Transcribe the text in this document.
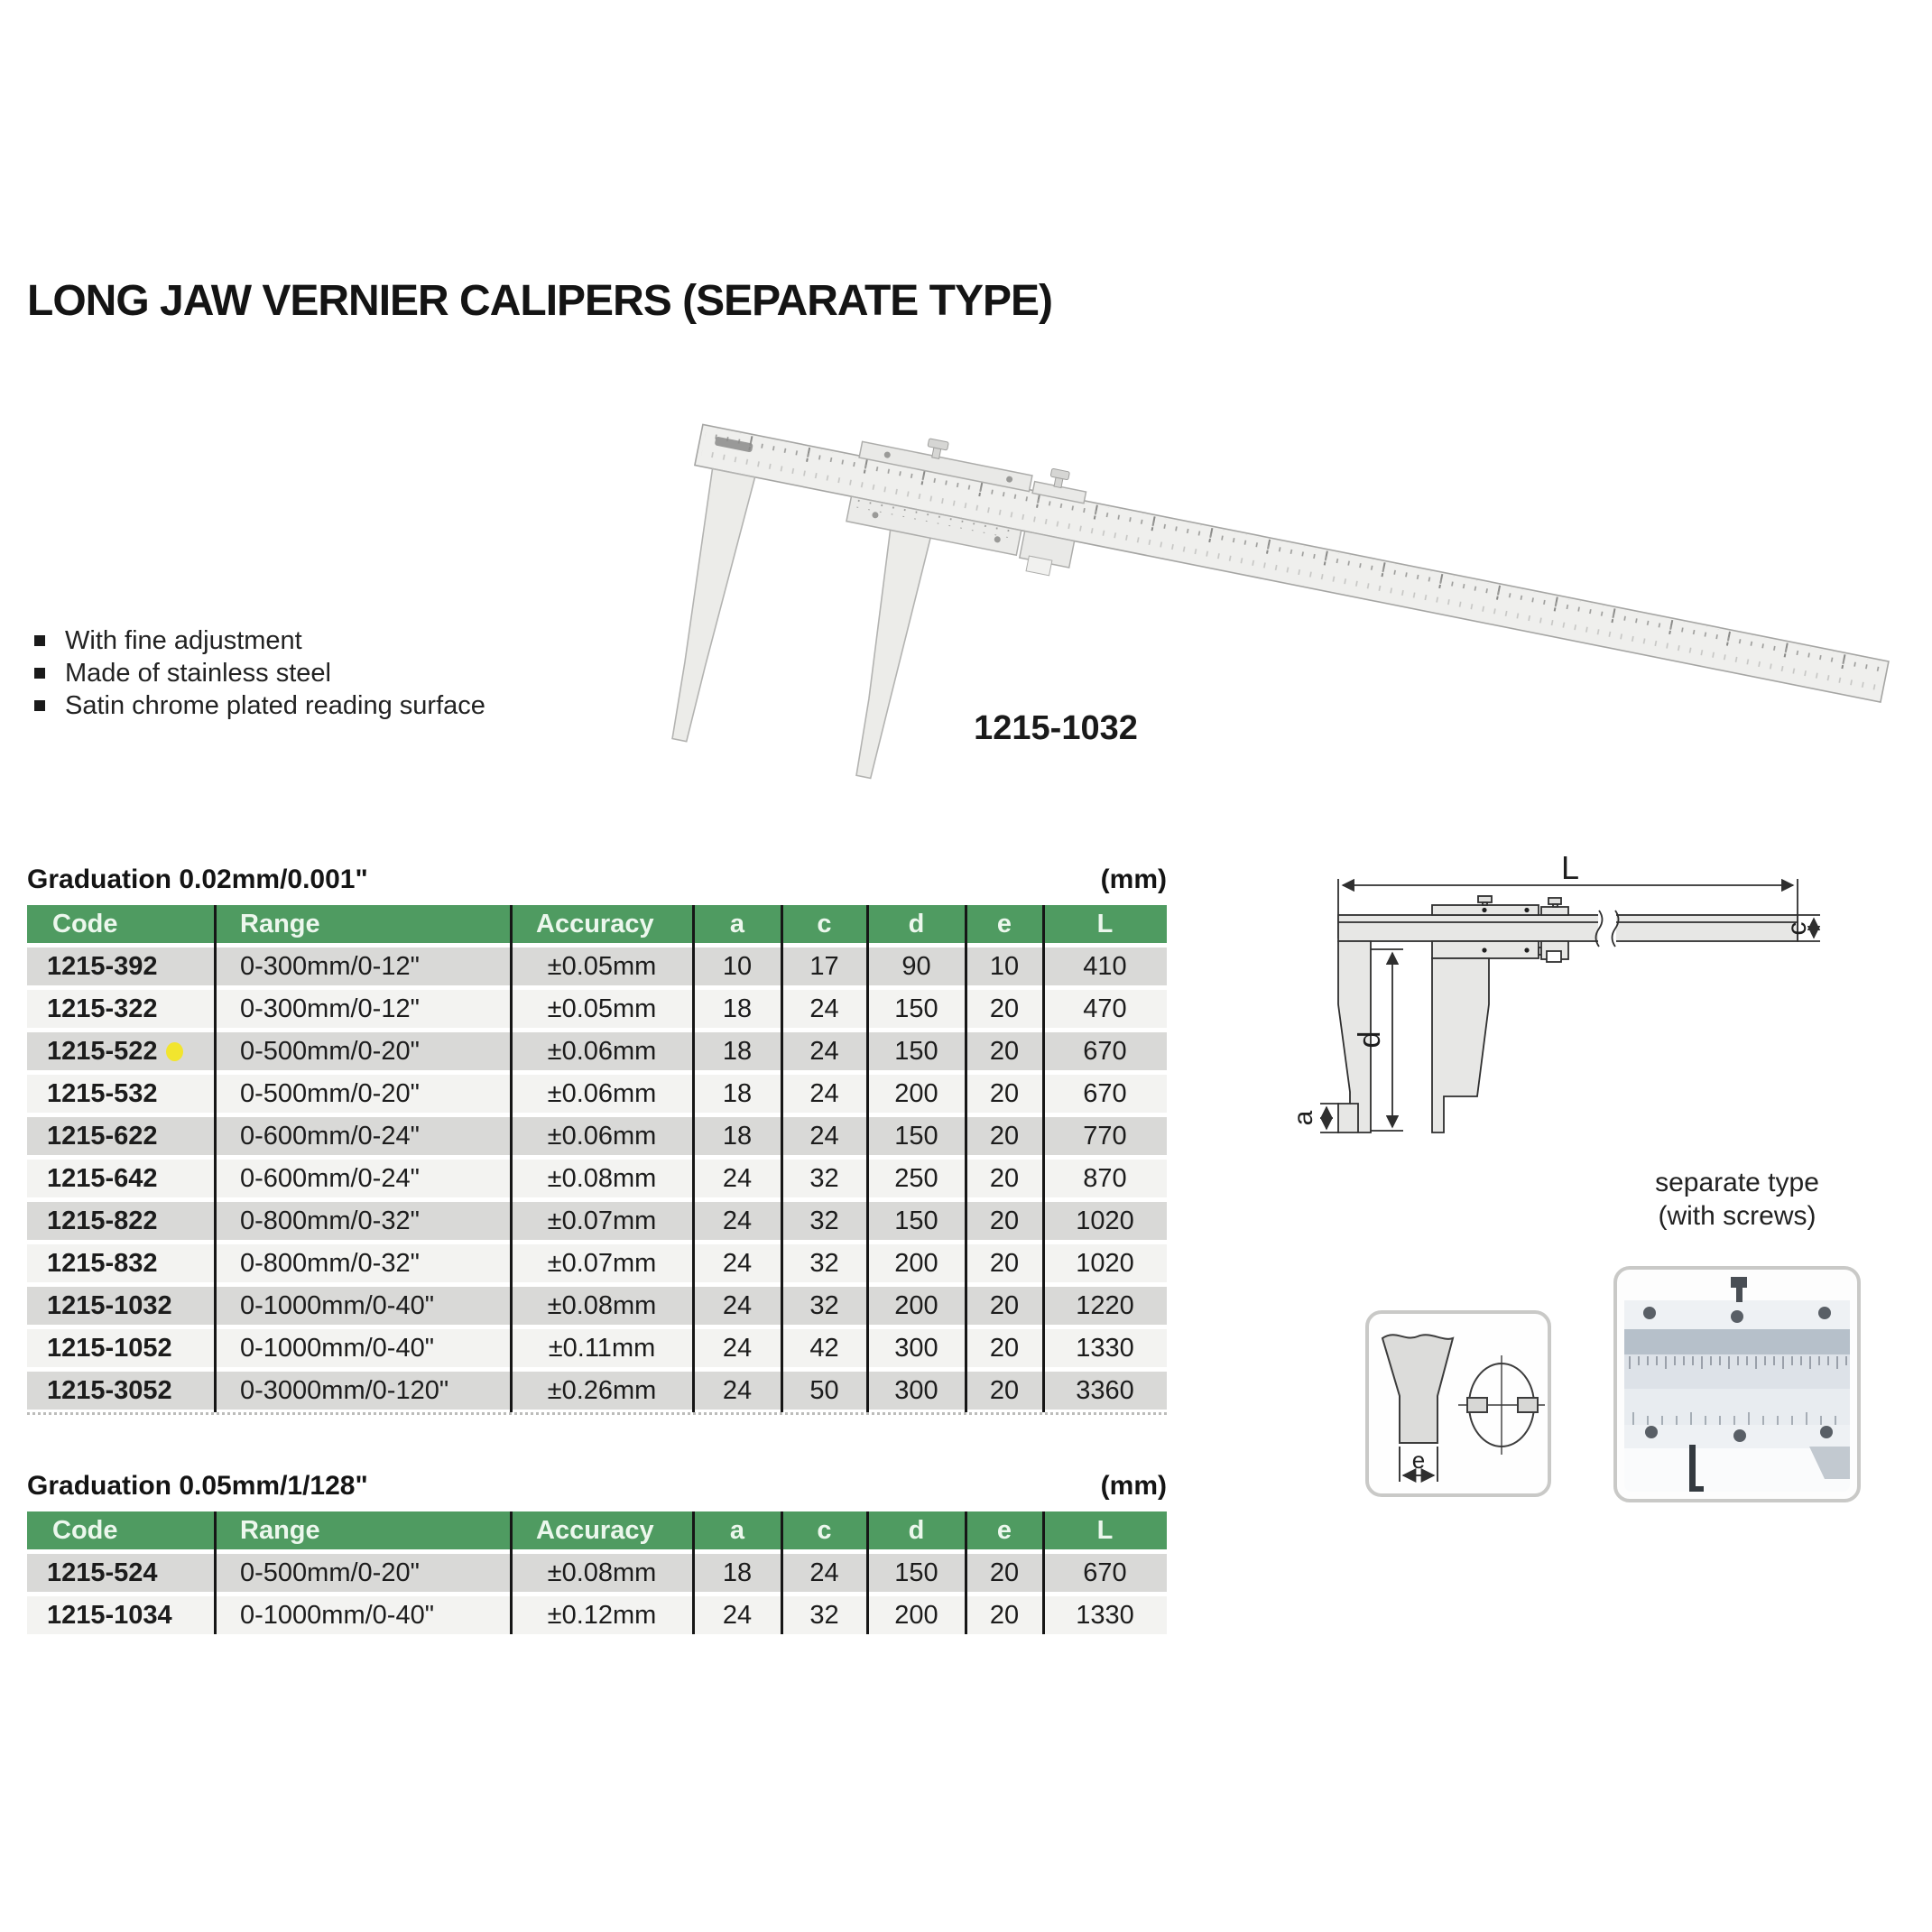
LONG JAW VERNIER CALIPERS (SEPARATE TYPE)
With fine adjustment
Made of stainless steel
Satin chrome plated reading surface
1215-1032
Graduation 0.02mm/0.001"	(mm)
Code	Range	Accuracy	a	c	d	e	L
1215-392	0-300mm/0-12"	±0.05mm	10	17	90	10	410
1215-322	0-300mm/0-12"	±0.05mm	18	24	150	20	470
1215-522	0-500mm/0-20"	±0.06mm	18	24	150	20	670
1215-532	0-500mm/0-20"	±0.06mm	18	24	200	20	670
1215-622	0-600mm/0-24"	±0.06mm	18	24	150	20	770
1215-642	0-600mm/0-24"	±0.08mm	24	32	250	20	870
1215-822	0-800mm/0-32"	±0.07mm	24	32	150	20	1020
1215-832	0-800mm/0-32"	±0.07mm	24	32	200	20	1020
1215-1032	0-1000mm/0-40"	±0.08mm	24	32	200	20	1220
1215-1052	0-1000mm/0-40"	±0.11mm	24	42	300	20	1330
1215-3052	0-3000mm/0-120"	±0.26mm	24	50	300	20	3360
Graduation 0.05mm/1/128"	(mm)
Code	Range	Accuracy	a	c	d	e	L
1215-524	0-500mm/0-20"	±0.08mm	18	24	150	20	670
1215-1034	0-1000mm/0-40"	±0.12mm	24	32	200	20	1330
L
c
d
a
separate type
(with screws)
e
